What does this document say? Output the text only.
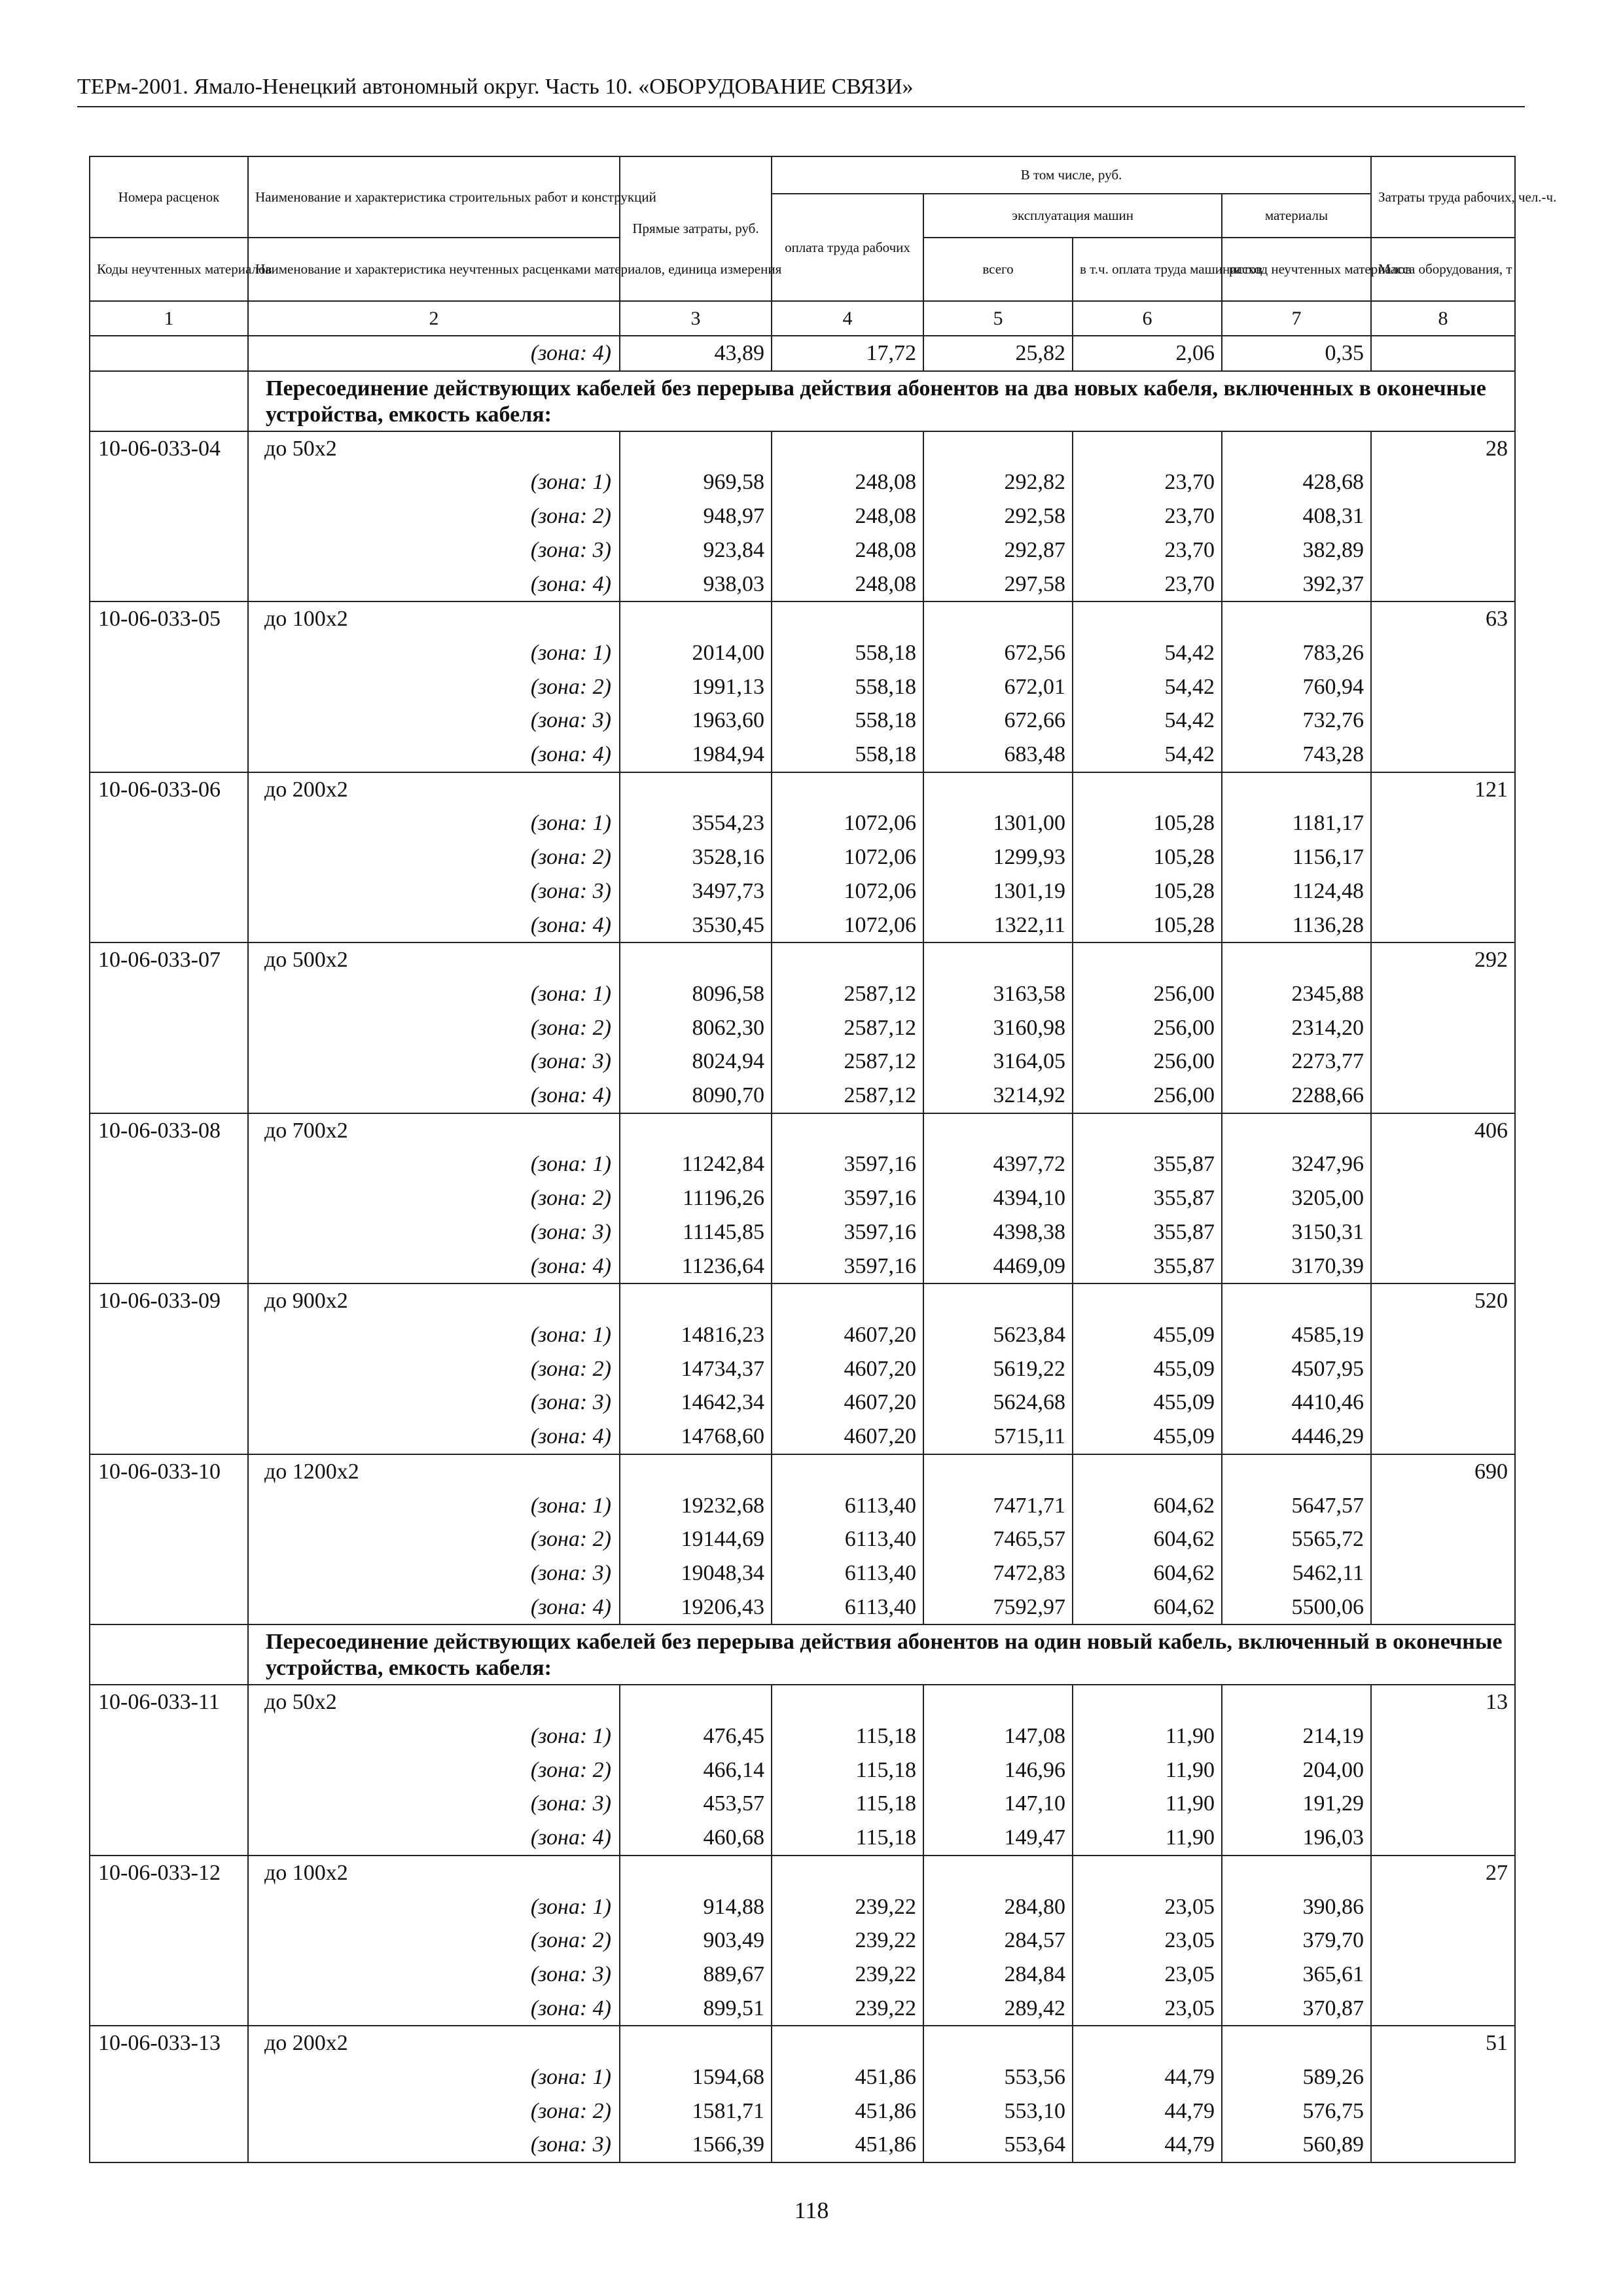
ТЕРм-2001. Ямало-Ненецкий автономный округ. Часть 10. «ОБОРУДОВАНИЕ СВЯЗИ»
Номера расценок	Наименование и характеристика строительных работ и конструкций	Прямые затраты, руб.	В том числе, руб.				Затраты труда рабочих, чел.-ч.
			оплата труда рабочих	эксплуатация машин		материалы	
Коды неучтенных материалов	Наименование и характеристика неучтенных расценками материалов, единица измерения			всего	в т.ч. оплата труда машинистов	расход неучтенных материалов	Масса оборудования, т
1	2	3	4	5	6	7	8
	(зона: 4)	43,89	17,72	25,82	2,06	0,35	
	Пересоединение действующих кабелей без перерыва действия абонентов на два новых кабеля, включенных в оконечные устройства, емкость кабеля:						
10-06-033-04	до 50х2						28
	(зона: 1)	969,58	248,08	292,82	23,70	428,68	
	(зона: 2)	948,97	248,08	292,58	23,70	408,31	
	(зона: 3)	923,84	248,08	292,87	23,70	382,89	
	(зона: 4)	938,03	248,08	297,58	23,70	392,37	
10-06-033-05	до 100х2						63
	(зона: 1)	2014,00	558,18	672,56	54,42	783,26	
	(зона: 2)	1991,13	558,18	672,01	54,42	760,94	
	(зона: 3)	1963,60	558,18	672,66	54,42	732,76	
	(зона: 4)	1984,94	558,18	683,48	54,42	743,28	
10-06-033-06	до 200х2						121
	(зона: 1)	3554,23	1072,06	1301,00	105,28	1181,17	
	(зона: 2)	3528,16	1072,06	1299,93	105,28	1156,17	
	(зона: 3)	3497,73	1072,06	1301,19	105,28	1124,48	
	(зона: 4)	3530,45	1072,06	1322,11	105,28	1136,28	
10-06-033-07	до 500х2						292
	(зона: 1)	8096,58	2587,12	3163,58	256,00	2345,88	
	(зона: 2)	8062,30	2587,12	3160,98	256,00	2314,20	
	(зона: 3)	8024,94	2587,12	3164,05	256,00	2273,77	
	(зона: 4)	8090,70	2587,12	3214,92	256,00	2288,66	
10-06-033-08	до 700х2						406
	(зона: 1)	11242,84	3597,16	4397,72	355,87	3247,96	
	(зона: 2)	11196,26	3597,16	4394,10	355,87	3205,00	
	(зона: 3)	11145,85	3597,16	4398,38	355,87	3150,31	
	(зона: 4)	11236,64	3597,16	4469,09	355,87	3170,39	
10-06-033-09	до 900х2						520
	(зона: 1)	14816,23	4607,20	5623,84	455,09	4585,19	
	(зона: 2)	14734,37	4607,20	5619,22	455,09	4507,95	
	(зона: 3)	14642,34	4607,20	5624,68	455,09	4410,46	
	(зона: 4)	14768,60	4607,20	5715,11	455,09	4446,29	
10-06-033-10	до 1200х2						690
	(зона: 1)	19232,68	6113,40	7471,71	604,62	5647,57	
	(зона: 2)	19144,69	6113,40	7465,57	604,62	5565,72	
	(зона: 3)	19048,34	6113,40	7472,83	604,62	5462,11	
	(зона: 4)	19206,43	6113,40	7592,97	604,62	5500,06	
	Пересоединение действующих кабелей без перерыва действия абонентов на один новый кабель, включенный в оконечные устройства, емкость кабеля:						
10-06-033-11	до 50х2						13
	(зона: 1)	476,45	115,18	147,08	11,90	214,19	
	(зона: 2)	466,14	115,18	146,96	11,90	204,00	
	(зона: 3)	453,57	115,18	147,10	11,90	191,29	
	(зона: 4)	460,68	115,18	149,47	11,90	196,03	
10-06-033-12	до 100х2						27
	(зона: 1)	914,88	239,22	284,80	23,05	390,86	
	(зона: 2)	903,49	239,22	284,57	23,05	379,70	
	(зона: 3)	889,67	239,22	284,84	23,05	365,61	
	(зона: 4)	899,51	239,22	289,42	23,05	370,87	
10-06-033-13	до 200х2						51
	(зона: 1)	1594,68	451,86	553,56	44,79	589,26	
	(зона: 2)	1581,71	451,86	553,10	44,79	576,75	
	(зона: 3)	1566,39	451,86	553,64	44,79	560,89	
118
